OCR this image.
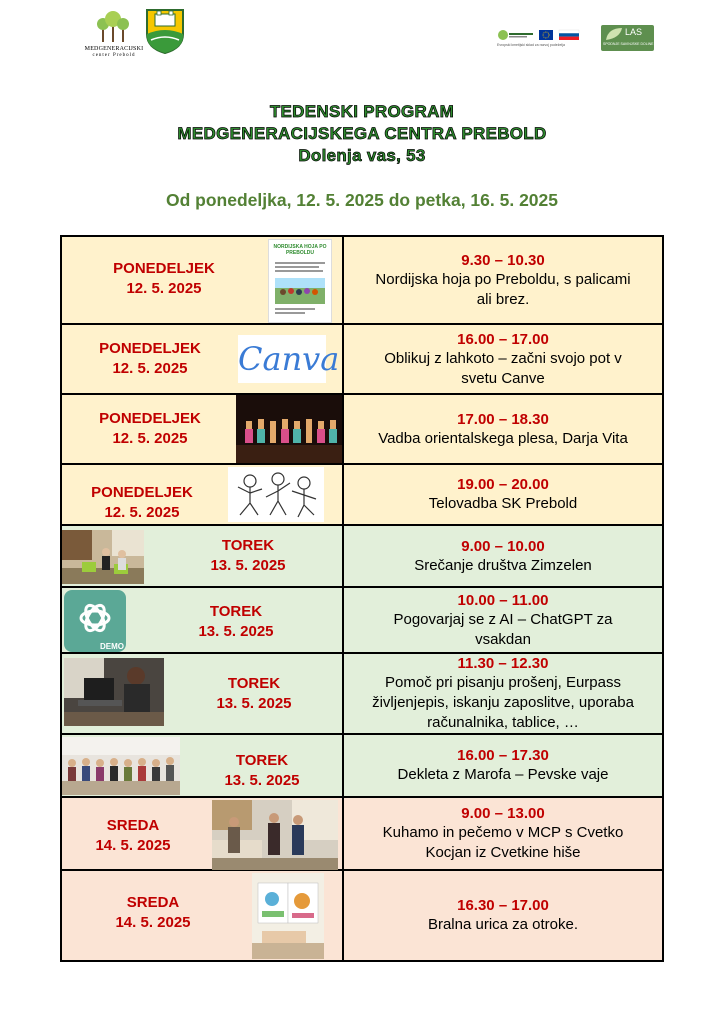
MEDGENERACIJSKI
center Prebold
Evropski kmetijski sklad za razvoj podeželja
LAS
SPODNJE SAVINJSKE DOLINE
TEDENSKI PROGRAM
MEDGENERACIJSKEGA CENTRA PREBOLD
Dolenja vas, 53
Od ponedeljka, 12. 5. 2025 do petka, 16. 5. 2025
PONEDELJEK
12. 5. 2025
NORDIJSKA HOJA PO PREBOLDU	9.30 – 10.30
Nordijska hoja po Preboldu, s palicami
ali brez.
PONEDELJEK
12. 5. 2025	Canva
16.00 – 17.00
Oblikuj z lahkoto – začni svojo pot v
svetu Canve
PONEDELJEK
12. 5. 2025
17.00 – 18.30
Vadba orientalskega plesa, Darja Vita
PONEDELJEK
12. 5. 2025
19.00 – 20.00
Telovadba SK Prebold
TOREK
13. 5. 2025
9.00 – 10.00
Srečanje društva Zimzelen
DEMO
TOREK
13. 5. 2025
10.00 – 11.00
Pogovarjaj se z AI – ChatGPT za
vsakdan
TOREK
13. 5. 2025
11.30 – 12.30
Pomoč pri pisanju prošenj, Eurpass
življenjepis, iskanju zaposlitve, uporaba
računalnika, tablice, …
TOREK
13. 5. 2025
16.00 – 17.30
Dekleta z Marofa – Pevske vaje
SREDA
14. 5. 2025
9.00 – 13.00
Kuhamo in pečemo v MCP s Cvetko
Kocjan iz Cvetkine hiše
SREDA
14. 5. 2025
16.30 – 17.00
Bralna urica za otroke.
